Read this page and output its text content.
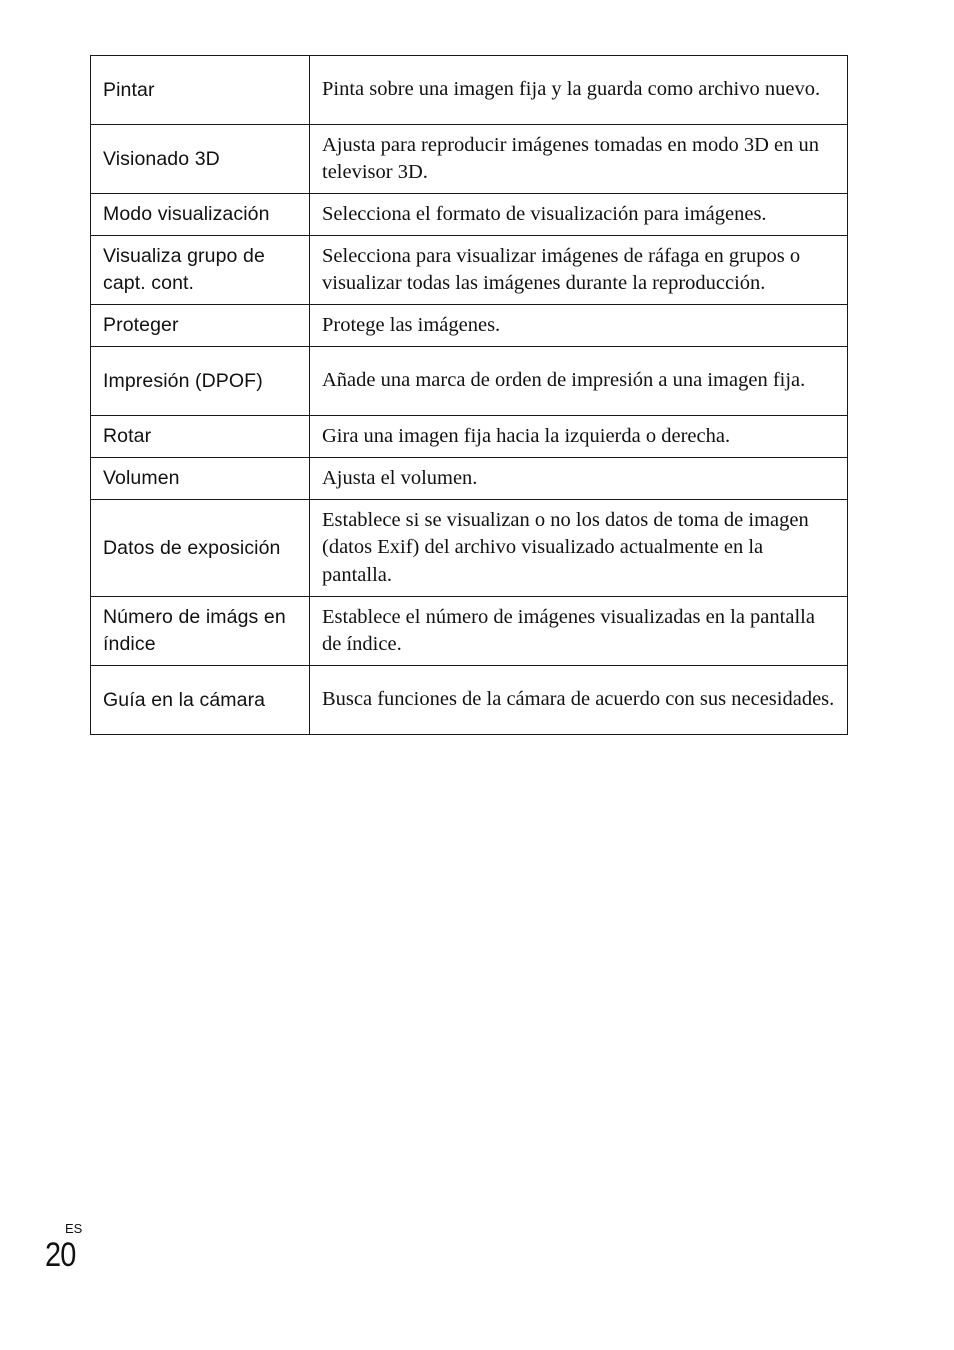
Pintar	Pinta sobre una imagen fija y la guarda como archivo nuevo.
Visionado 3D	Ajusta para reproducir imágenes tomadas en modo 3D en un televisor 3D.
Modo visualización	Selecciona el formato de visualización para imágenes.
Visualiza grupo de capt. cont.	Selecciona para visualizar imágenes de ráfaga en grupos o visualizar todas las imágenes durante la reproducción.
Proteger	Protege las imágenes.
Impresión (DPOF)	Añade una marca de orden de impresión a una imagen fija.
Rotar	Gira una imagen fija hacia la izquierda o derecha.
Volumen	Ajusta el volumen.
Datos de exposición	Establece si se visualizan o no los datos de toma de imagen (datos Exif) del archivo visualizado actualmente en la pantalla.
Número de imágs en índice	Establece el número de imágenes visualizadas en la pantalla de índice.
Guía en la cámara	Busca funciones de la cámara de acuerdo con sus necesidades.
ES
20
